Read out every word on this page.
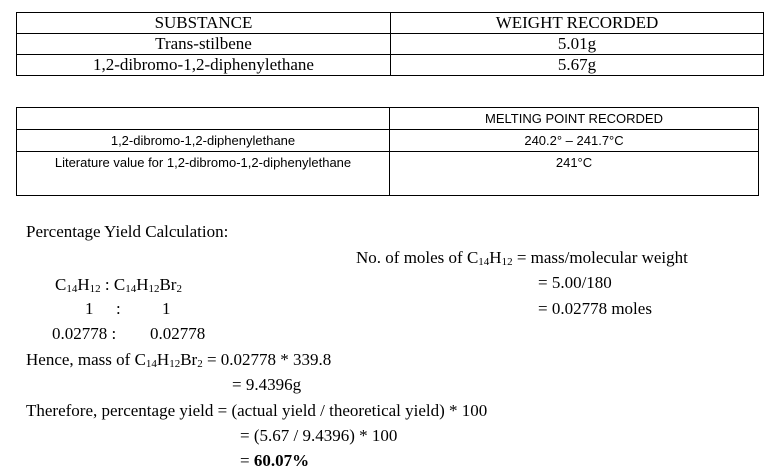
SUBSTANCE	WEIGHT RECORDED
Trans-stilbene	5.01g
1,2-dibromo-1,2-diphenylethane	5.67g
	MELTING POINT RECORDED
1,2-dibromo-1,2-diphenylethane	240.2° – 241.7°C

Literature value for 1,2-dibromo-1,2-diphenylethane	241°C
Percentage Yield Calculation:
No. of moles of $C_{14}H_{12}$ = mass/molecular weight
= 5.00/180
= 0.02778 moles
$C_{14}H_{12}$ : $C_{14}H_{12}Br_2$
1 : 1
0.02778 : 0.02778
Hence, mass of $C_{14}H_{12}Br_2 = 0.02778 * 339.8$
= 9.4396g
Therefore, percentage yield = (actual yield / theoretical yield) * 100
= (5.67 / 9.4396) * 100
= 60.07%
